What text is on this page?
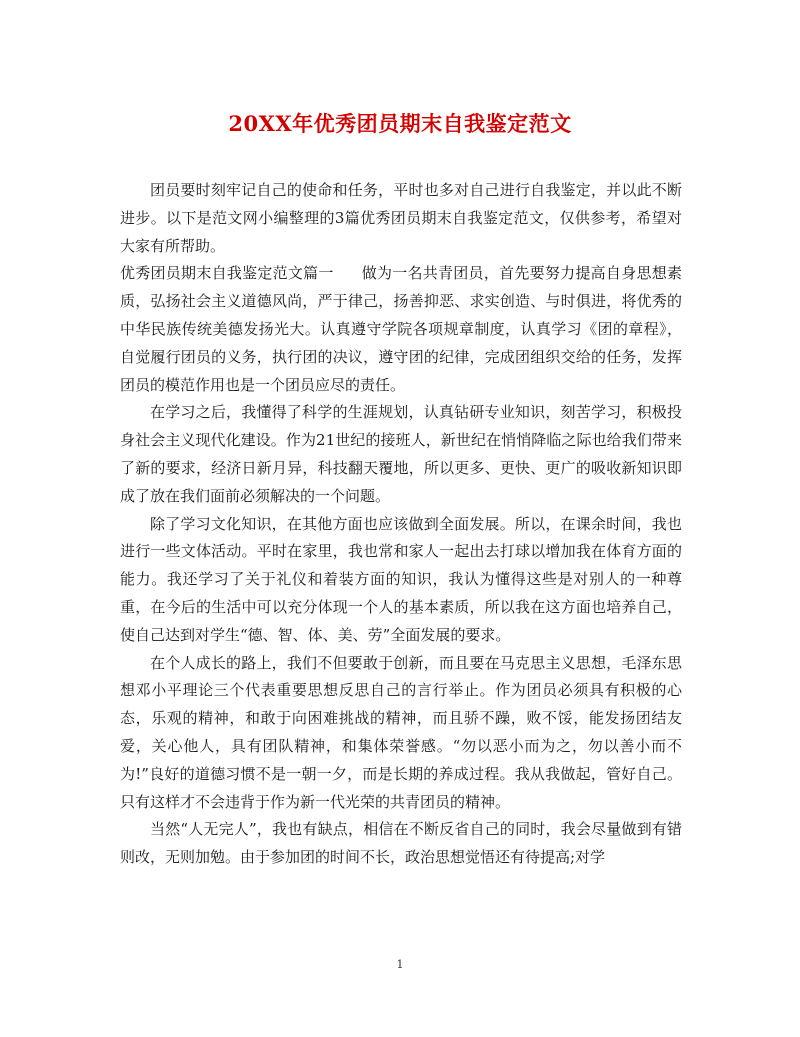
20XX年优秀团员期末自我鉴定范文

团员要时刻牢记自己的使命和任务，平时也多对自己进行自我鉴定，并以此不断进步。以下是范文网小编整理的3篇优秀团员期末自我鉴定范文，仅供参考，希望对大家有所帮助。

优秀团员期末自我鉴定范文篇一 做为一名共青团员，首先要努力提高自身思想素质，弘扬社会主义道德风尚，严于律己，扬善抑恶、求实创造、与时俱进，将优秀的中华民族传统美德发扬光大。认真遵守学院各项规章制度，认真学习《团的章程》，自觉履行团员的义务，执行团的决议，遵守团的纪律，完成团组织交给的任务，发挥团员的模范作用也是一个团员应尽的责任。

在学习之后，我懂得了科学的生涯规划，认真钻研专业知识，刻苦学习，积极投身社会主义现代化建设。作为21世纪的接班人，新世纪在悄悄降临之际也给我们带来了新的要求，经济日新月异，科技翻天覆地，所以更多、更快、更广的吸收新知识即成了放在我们面前必须解决的一个问题。

除了学习文化知识，在其他方面也应该做到全面发展。所以，在课余时间，我也进行一些文体活动。平时在家里，我也常和家人一起出去打球以增加我在体育方面的能力。我还学习了关于礼仪和着装方面的知识，我认为懂得这些是对别人的一种尊重，在今后的生活中可以充分体现一个人的基本素质，所以我在这方面也培养自己，使自己达到对学生“德、智、体、美、劳”全面发展的要求。

在个人成长的路上，我们不但要敢于创新，而且要在马克思主义思想，毛泽东思想邓小平理论三个代表重要思想反思自己的言行举止。作为团员必须具有积极的心态，乐观的精神，和敢于向困难挑战的精神，而且骄不躁，败不馁，能发扬团结友爱，关心他人，具有团队精神，和集体荣誉感。“勿以恶小而为之，勿以善小而不为!”良好的道德习惯不是一朝一夕，而是长期的养成过程。我从我做起，管好自己。只有这样才不会违背于作为新一代光荣的共青团员的精神。

当然“人无完人”，我也有缺点，相信在不断反省自己的同时，我会尽量做到有错则改，无则加勉。由于参加团的时间不长，政治思想觉悟还有待提高;对学

1
